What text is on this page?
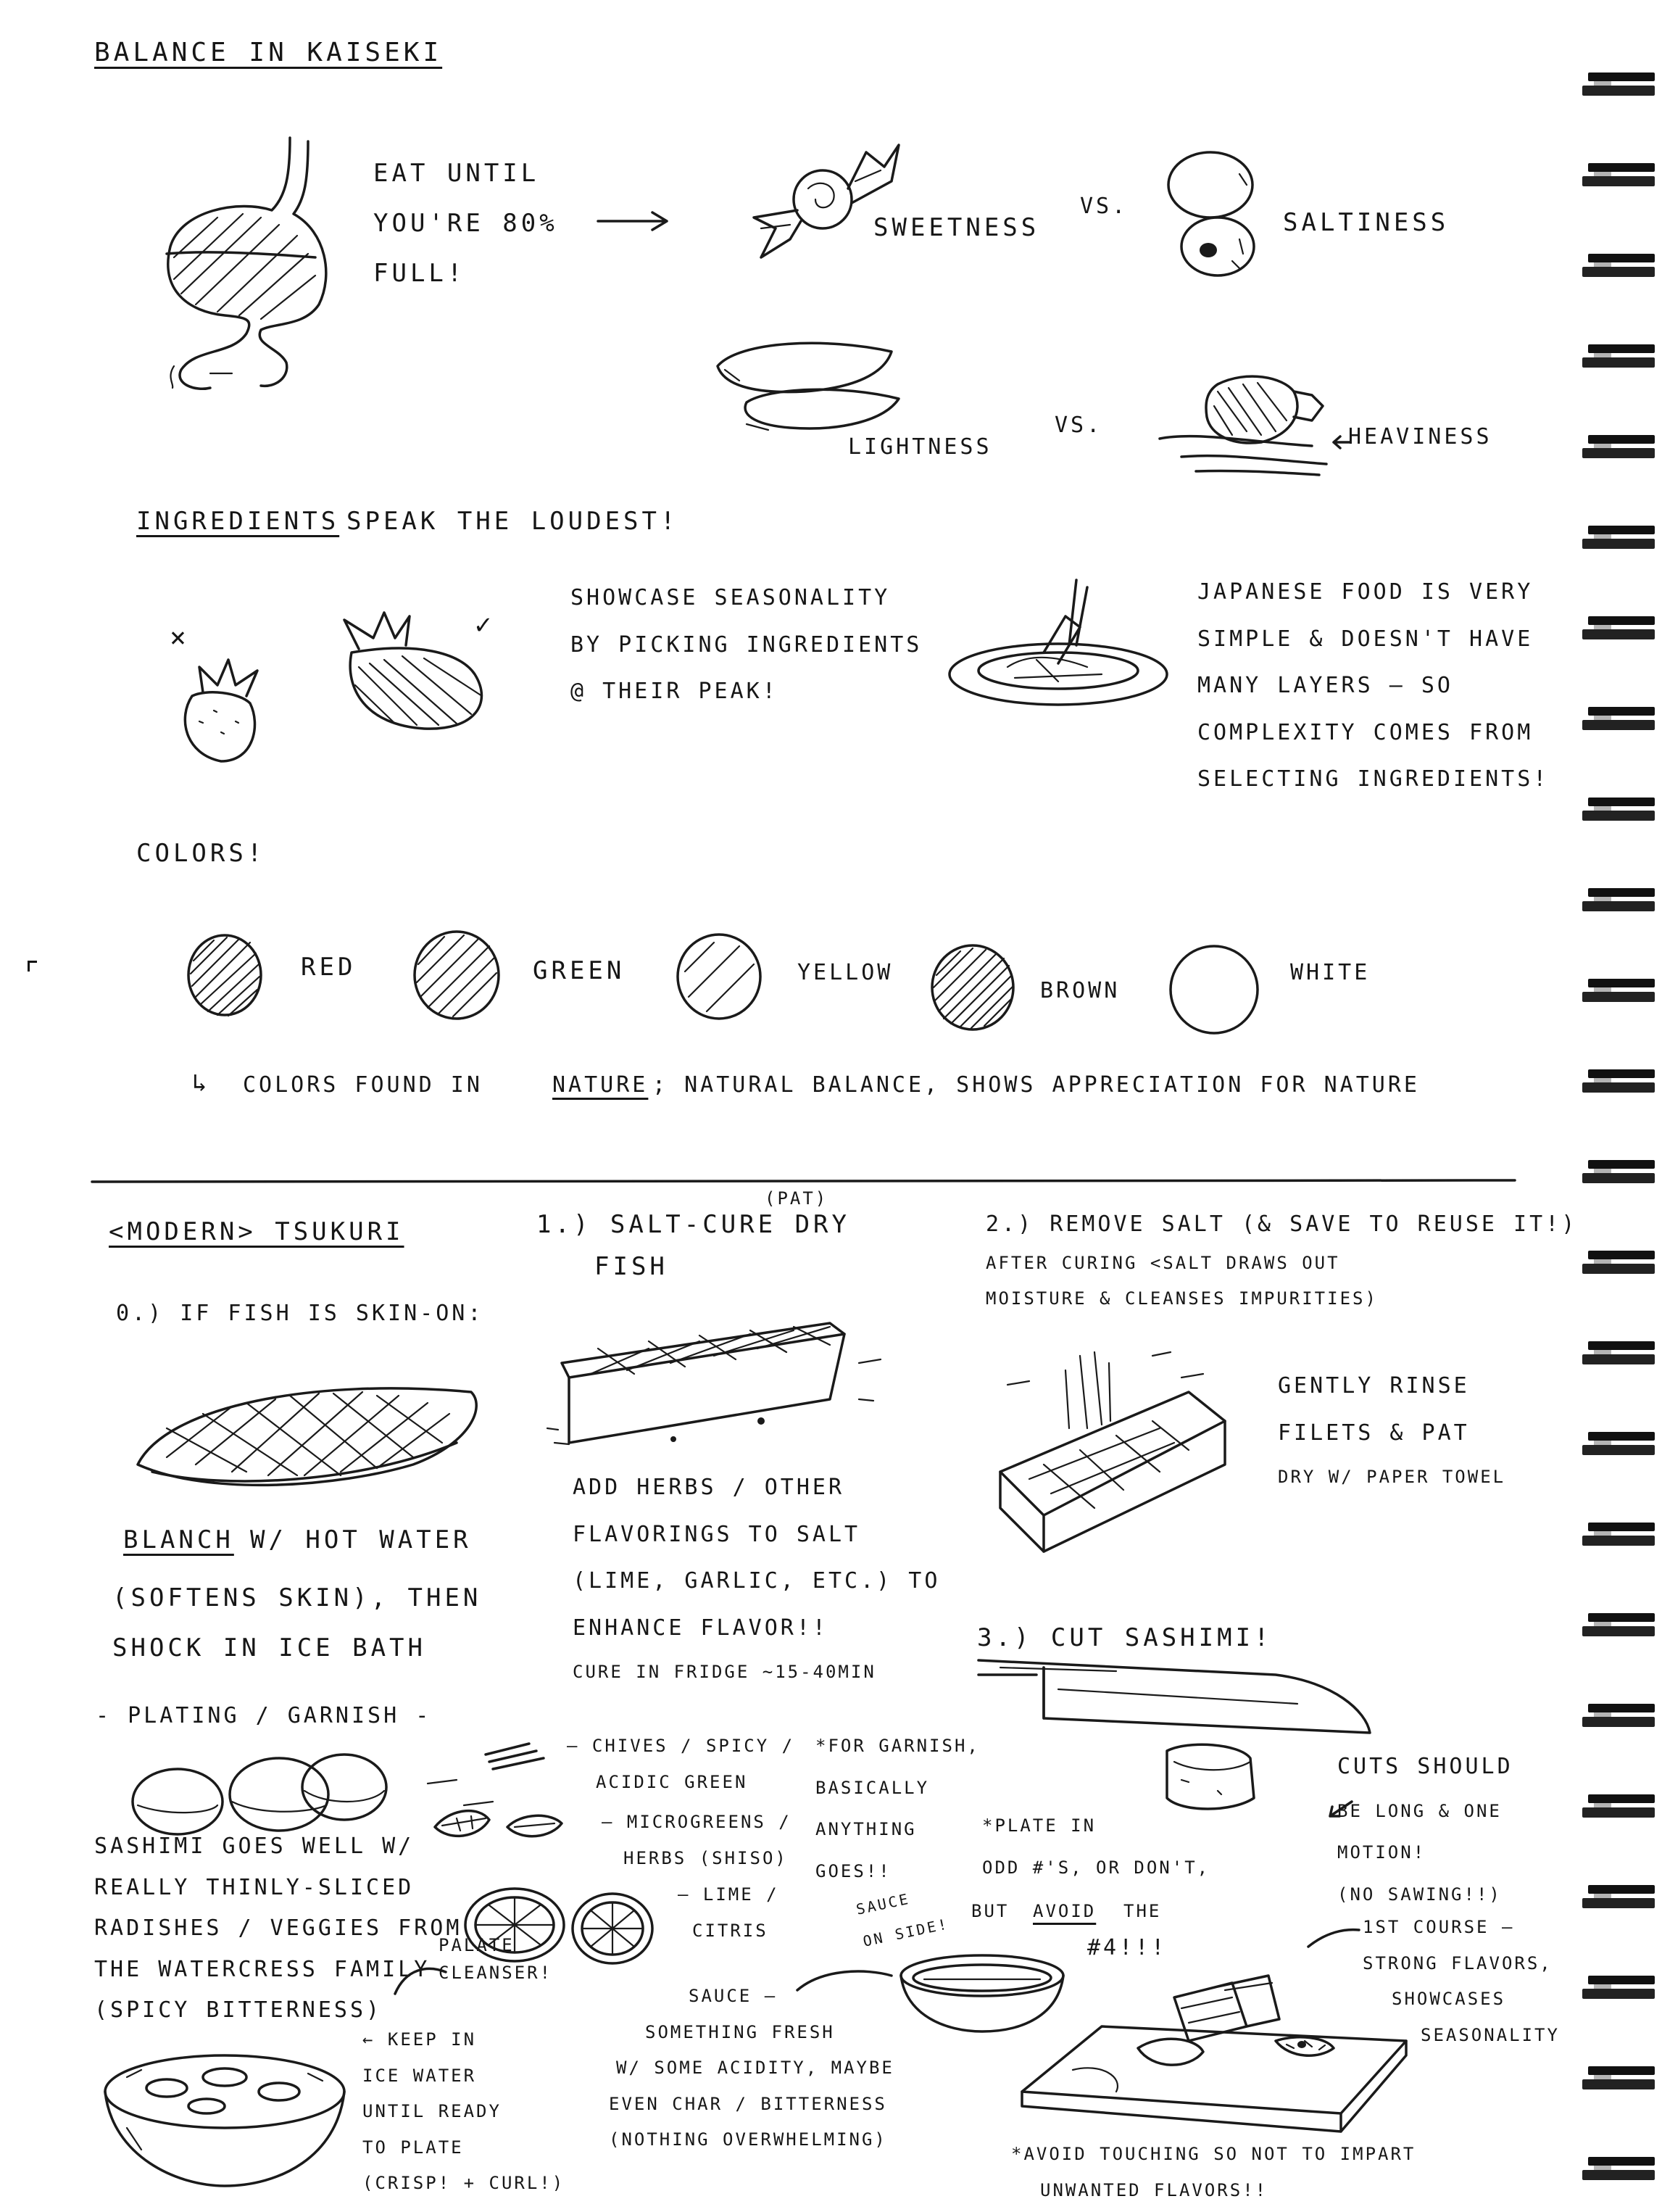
BALANCE IN KAISEKI
EAT UNTIL
YOU'RE 80%
FULL!
SWEETNESS
VS.
SALTINESS
LIGHTNESS
VS.	HEAVINESS
INGREDIENTS SPEAK THE LOUDEST!
×	✓
SHOWCASE SEASONALITY
BY PICKING INGREDIENTS
@ THEIR PEAK!
JAPANESE FOOD IS VERY
SIMPLE & DOESN'T HAVE
MANY LAYERS — SO
COMPLEXITY COMES FROM
SELECTING INGREDIENTS!
COLORS!
RED	GREEN	YELLOW
BROWN
WHITE
↳ COLORS FOUND IN	NATURE ; NATURAL BALANCE, SHOWS APPRECIATION FOR NATURE
<MODERN> TSUKURI
0.) IF FISH IS SKIN-ON:
BLANCH W/ HOT WATER
(SOFTENS SKIN), THEN
SHOCK IN ICE BATH
1.) SALT-CURE DRY
(PAT)
FISH
ADD HERBS / OTHER
FLAVORINGS TO SALT
(LIME, GARLIC, ETC.) TO
ENHANCE FLAVOR!!
CURE IN FRIDGE ~15-40MIN
2.) REMOVE SALT (& SAVE TO REUSE IT!)
AFTER CURING <SALT DRAWS OUT
MOISTURE & CLEANSES IMPURITIES)
GENTLY RINSE
FILETS & PAT
DRY W/ PAPER TOWEL
3.) CUT SASHIMI!
CUTS SHOULD
BE LONG & ONE
MOTION!
(NO SAWING!!)
- PLATING / GARNISH -
SASHIMI GOES WELL W/
REALLY THINLY-SLICED
RADISHES / VEGGIES FROM
THE WATERCRESS FAMILY
(SPICY BITTERNESS)
PALATE
CLEANSER!
← KEEP IN
ICE WATER
UNTIL READY
TO PLATE
(CRISP! + CURL!)
— CHIVES / SPICY /
ACIDIC GREEN
— MICROGREENS /
HERBS (SHISO)
— LIME /
CITRIS
*FOR GARNISH,
BASICALLY
ANYTHING
GOES!!
*PLATE IN
ODD #'S, OR DON'T,
BUT AVOID THE
#4!!!
SAUCE
ON SIDE!
SAUCE —
SOMETHING FRESH
W/ SOME ACIDITY, MAYBE
EVEN CHAR / BITTERNESS
(NOTHING OVERWHELMING)
1ST COURSE —
STRONG FLAVORS,
SHOWCASES
SEASONALITY
*AVOID TOUCHING SO NOT TO IMPART
UNWANTED FLAVORS!!
